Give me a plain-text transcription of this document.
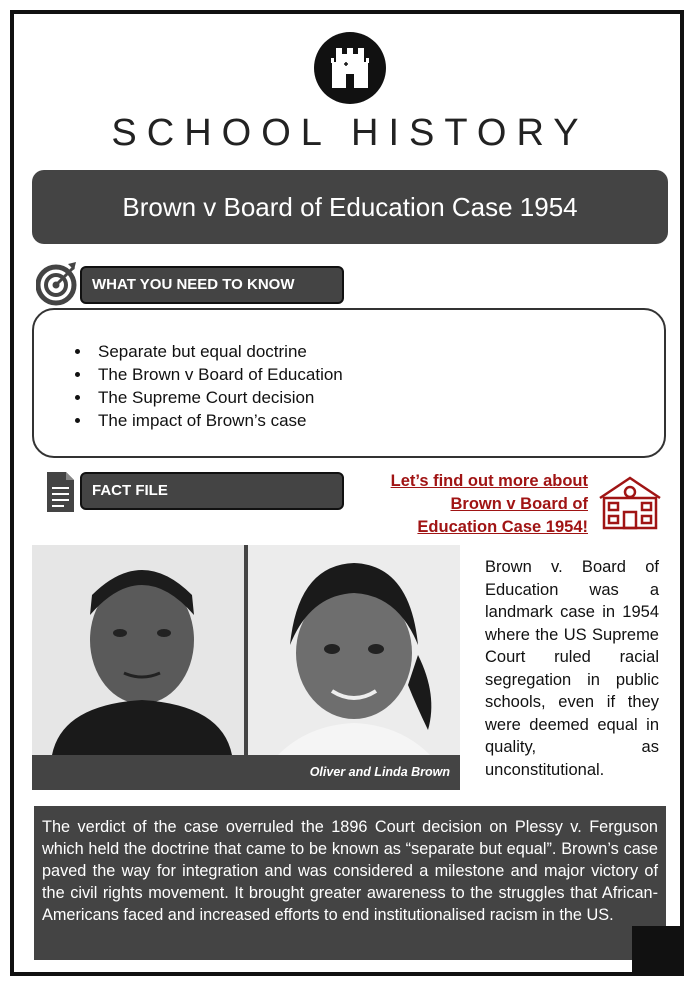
SCHOOL HISTORY
Brown v Board of Education Case 1954
WHAT YOU NEED TO KNOW
• Separate but equal doctrine
• The Brown v Board of Education
• The Supreme Court decision
• The impact of Brown’s case
FACT FILE
Let’s find out more about
Brown v Board of
Education Case 1954!
Oliver and Linda Brown
Brown v. Board of Education was a landmark case in 1954 where the US Supreme Court ruled racial segregation in public schools, even if they were deemed equal in quality, as unconstitutional.
The verdict of the case overruled the 1896 Court decision on Plessy v. Ferguson which held the doctrine that came to be known as “separate but equal”. Brown’s case paved the way for integration and was considered a milestone and major victory of the civil rights movement. It brought greater awareness to the struggles that African-Americans faced and increased efforts to end institutionalised racism in the US.
